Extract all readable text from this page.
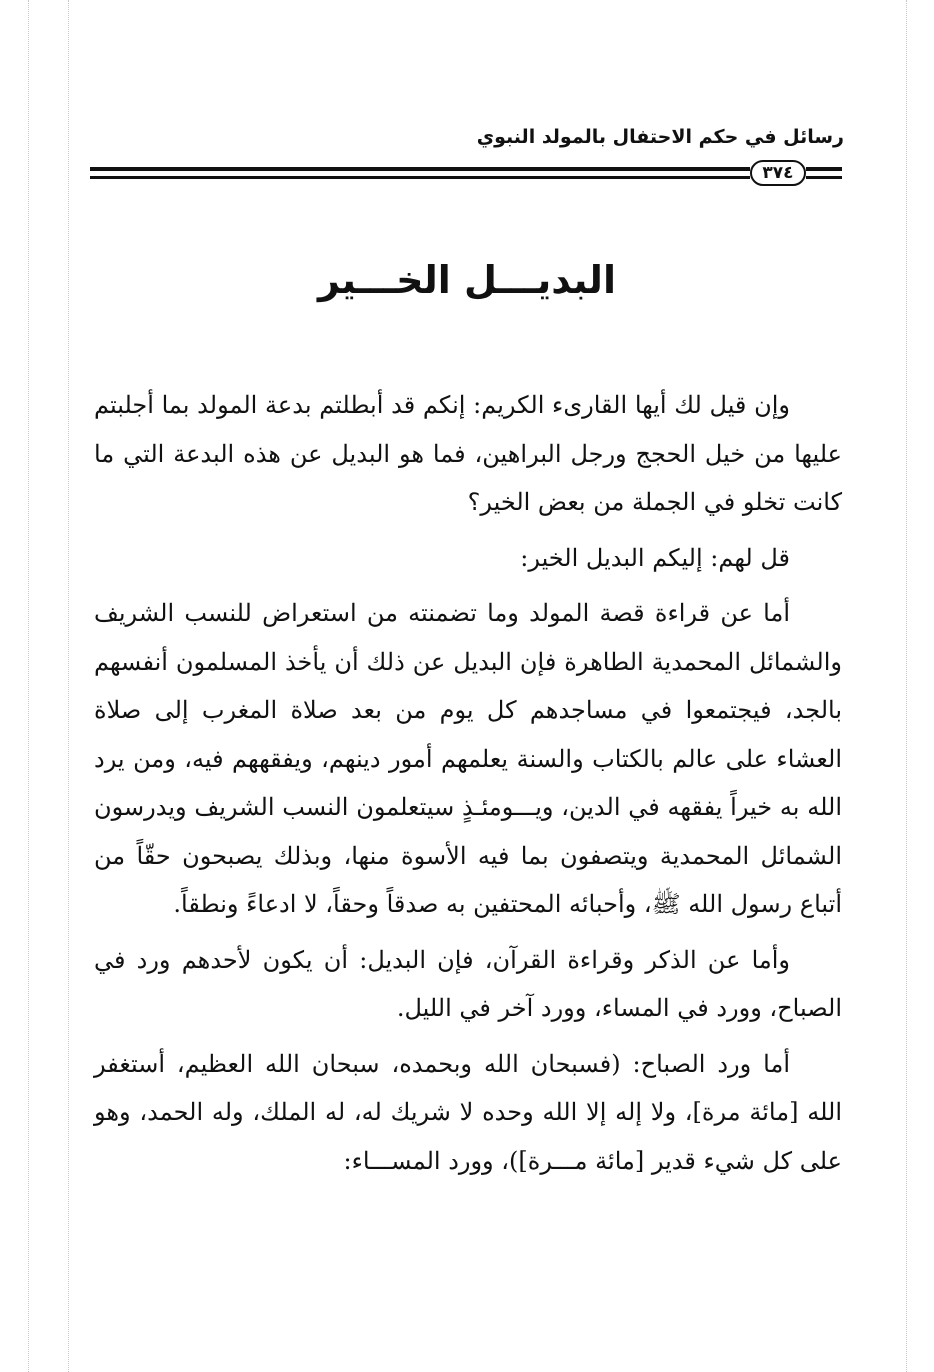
رسائل في حكم الاحتفال بالمولد النبوي
٣٧٤
البديـــل الخـــير

وإن قيل لك أيها القارىء الكريم: إنكم قد أبطلتم بدعة المولد بما أجلبتم عليها من خيل الحجج ورجل البراهين، فما هو البديل عن هذه البدعة التي ما كانت تخلو في الجملة من بعض الخير؟

قل لهم: إليكم البديل الخير:

أما عن قراءة قصة المولد وما تضمنته من استعراض للنسب الشريف والشمائل المحمدية الطاهرة فإن البديل عن ذلك أن يأخذ المسلمون أنفسهم بالجد، فيجتمعوا في مساجدهم كل يوم من بعد صلاة المغرب إلى صلاة العشاء على عالم بالكتاب والسنة يعلمهم أمور دينهم، ويفقههم فيه، ومن يرد الله به خيراً يفقهه في الدين، ويـــومئـذٍ سيتعلمون النسب الشريف ويدرسون الشمائل المحمدية ويتصفون بما فيه الأسوة منها، وبذلك يصبحون حقّاً من أتباع رسول الله ﷺ، وأحبائه المحتفين به صدقاً وحقاً، لا ادعاءً ونطقاً.

وأما عن الذكر وقراءة القرآن، فإن البديل: أن يكون لأحدهم ورد في الصباح، وورد في المساء، وورد آخر في الليل.

أما ورد الصباح: (فسبحان الله وبحمده، سبحان الله العظيم، أستغفر الله [مائة مرة]، ولا إله إلا الله وحده لا شريك له، له الملك، وله الحمد، وهو على كل شيء قدير [مائة مـــرة])، وورد المســـاء:
